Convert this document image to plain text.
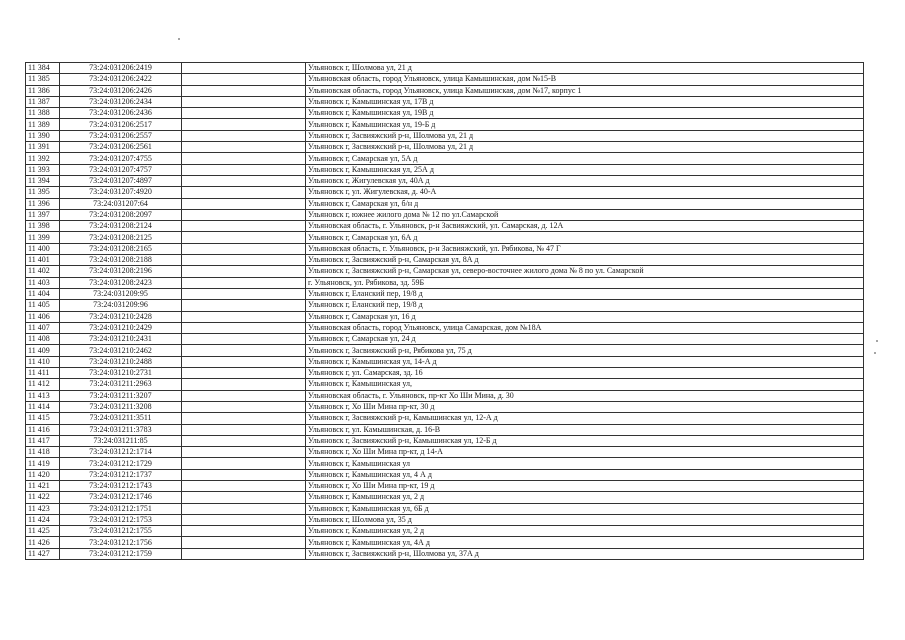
11 384	73:24:031206:2419		Ульяновск г, Шолмова ул, 21 д
11 385	73:24:031206:2422		Ульяновская область, город Ульяновск, улица Камышинская, дом №15-В
11 386	73:24:031206:2426		Ульяновская область, город Ульяновск, улица Камышинская, дом №17, корпус 1
11 387	73:24:031206:2434		Ульяновск г, Камышинская ул, 17В д
11 388	73:24:031206:2436		Ульяновск г, Камышинская ул, 19В д
11 389	73:24:031206:2517		Ульяновск г, Камышинская ул, 19-Б д
11 390	73:24:031206:2557		Ульяновск г, Засвияжский р-н, Шолмова ул, 21 д
11 391	73:24:031206:2561		Ульяновск г, Засвияжский р-н, Шолмова ул, 21 д
11 392	73:24:031207:4755		Ульяновск г, Самарская ул, 5А д
11 393	73:24:031207:4757		Ульяновск г, Камышинская ул, 25А д
11 394	73:24:031207:4897		Ульяновск г, Жигулевская ул, 40А д
11 395	73:24:031207:4920		Ульяновск г, ул. Жигулевская, д. 40-А
11 396	73:24:031207:64		Ульяновск г, Самарская ул, б/н д
11 397	73:24:031208:2097		Ульяновск г, южнее жилого дома № 12 по ул.Самарской
11 398	73:24:031208:2124		Ульяновская область, г. Ульяновск, р-н Засвияжский, ул. Самарская, д. 12А
11 399	73:24:031208:2125		Ульяновск г, Самарская ул, 6А д
11 400	73:24:031208:2165		Ульяновская область, г. Ульяновск, р-н Засвияжский, ул. Рябикова, № 47 Г
11 401	73:24:031208:2188		Ульяновск г, Засвияжский р-н, Самарская ул, 8А д
11 402	73:24:031208:2196		Ульяновск г, Засвияжский р-н, Самарская ул, северо-восточнее жилого дома № 8 по ул. Самарской
11 403	73:24:031208:2423		г. Ульяновск, ул. Рябикова, зд. 59Б
11 404	73:24:031209:95		Ульяновск г, Еланский пер, 19/8 д
11 405	73:24:031209:96		Ульяновск г, Еланский пер, 19/8 д
11 406	73:24:031210:2428		Ульяновск г, Самарская ул, 16 д
11 407	73:24:031210:2429		Ульяновская область, город Ульяновск, улица Самарская, дом №18А
11 408	73:24:031210:2431		Ульяновск г, Самарская ул, 24 д
11 409	73:24:031210:2462		Ульяновск г, Засвияжский р-н, Рябикова ул, 75 д
11 410	73:24:031210:2488		Ульяновск г, Камышинская ул, 14-А д
11 411	73:24:031210:2731		Ульяновск г, ул. Самарская, зд. 16
11 412	73:24:031211:2963		Ульяновск г, Камышинская ул,
11 413	73:24:031211:3207		Ульяновская область, г. Ульяновск, пр-кт Хо Ши Мина, д. 30
11 414	73:24:031211:3208		Ульяновск г, Хо Ши Мина пр-кт, 30 д
11 415	73:24:031211:3511		Ульяновск г, Засвияжский р-н, Камышинская ул, 12-А д
11 416	73:24:031211:3783		Ульяновск г, ул. Камышинская, д. 16-В
11 417	73:24:031211:85		Ульяновск г, Засвияжский р-н, Камышинская ул, 12-Б д
11 418	73:24:031212:1714		Ульяновск г, Хо Ши Мина пр-кт, д 14-А
11 419	73:24:031212:1729		Ульяновск г, Камышинская ул
11 420	73:24:031212:1737		Ульяновск г, Камышинская ул, 4 А д
11 421	73:24:031212:1743		Ульяновск г, Хо Ши Мина пр-кт, 19 д
11 422	73:24:031212:1746		Ульяновск г, Камышинская ул, 2 д
11 423	73:24:031212:1751		Ульяновск г, Камышинская ул, 6Б д
11 424	73:24:031212:1753		Ульяновск г, Шолмова ул, 35 д
11 425	73:24:031212:1755		Ульяновск г, Камышинская ул, 2 д
11 426	73:24:031212:1756		Ульяновск г, Камышинская ул, 4А д
11 427	73:24:031212:1759		Ульяновск г, Засвияжский р-н, Шолмова ул, 37А д
